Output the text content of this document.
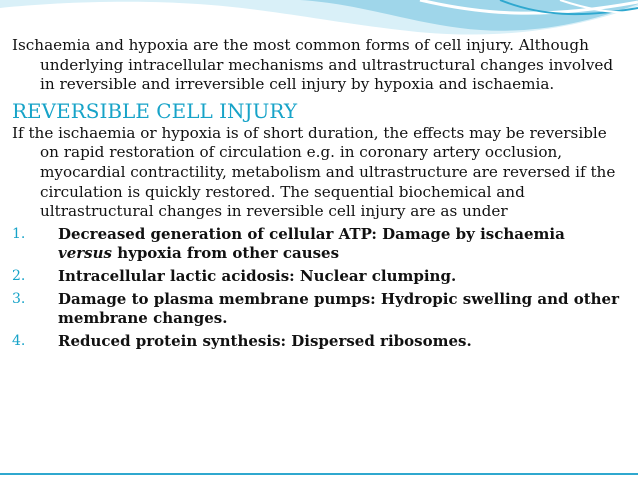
Ischaemia and hypoxia are the most common forms of cell injury. Although underlying intracellular mechanisms and ultrastructural changes involved in reversible and irreversible cell injury by hypoxia and ischaemia.

REVERSIBLE CELL INJURY

If the ischaemia or hypoxia is of short duration, the effects may be reversible on rapid restoration of circulation e.g. in coronary artery occlusion, myocardial contractility, metabolism and ultrastructure are reversed if the circulation is quickly restored. The sequential biochemical and ultrastructural changes in reversible cell injury are as under

1. Decreased generation of cellular ATP: Damage by ischaemia versus hypoxia from other causes
2. Intracellular lactic acidosis: Nuclear clumping.
3. Damage to plasma membrane pumps: Hydropic swelling and other membrane changes.
4. Reduced protein synthesis: Dispersed ribosomes.
